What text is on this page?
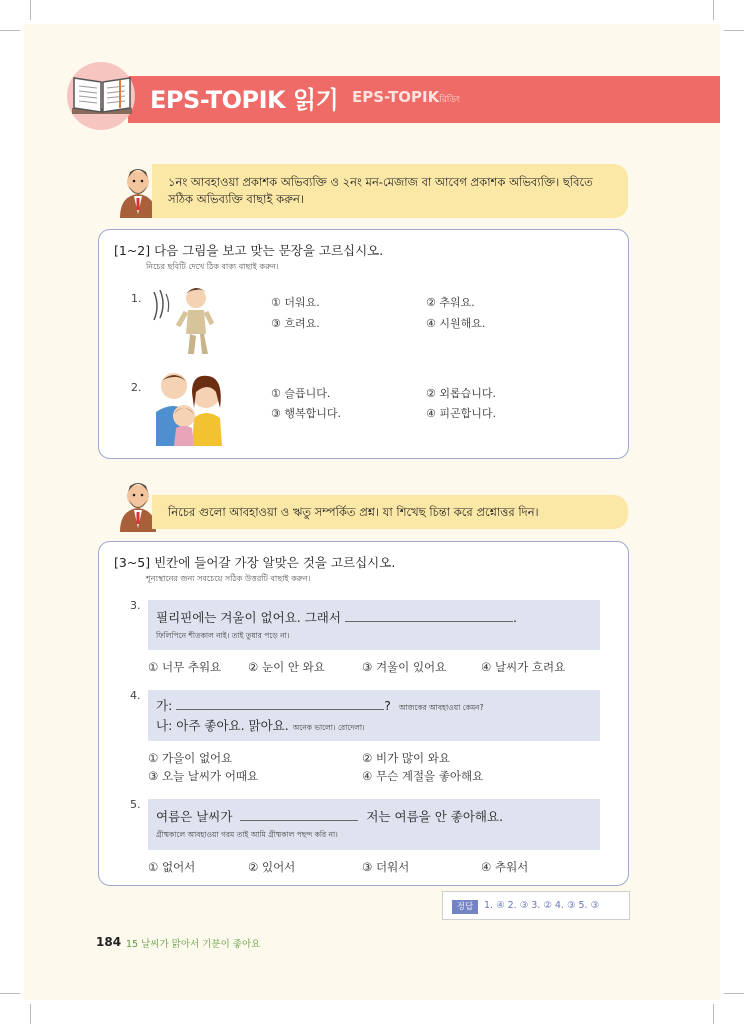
EPS-TOPIK 읽기 EPS-TOPIKরিডিং
১নং আবহাওয়া প্রকাশক অভিব্যক্তি ও ২নং মন-মেজাজ বা আবেগ প্রকাশক অভিব্যক্তি। ছবিতে সঠিক অভিব্যক্তি বাছাই করুন।
[1~2] 다음 그림을 보고 맞는 문장을 고르십시오.
নিচের ছবিটি দেখে ঠিক বাক্য বাছাই করুন।
1.	① 더워요.	② 추워요.
③ 흐려요.	④ 시원해요.
2.	① 슬픕니다.	② 외롭습니다.
③ 행복합니다.	④ 피곤합니다.
নিচের গুলো আবহাওয়া ও ঋতু সম্পর্কিত প্রশ্ন। যা শিখেছ চিন্তা করে প্রশ্নোত্তর দিন।
[3~5] 빈칸에 들어갈 가장 알맞은 것을 고르십시오.
শূন্যস্থানের জন্য সবচেয়ে সঠিক উত্তরটি বাছাই করুন।
3.
필리핀에는 겨울이 없어요. 그래서	.
ফিলিপিনে শীতকাল নাই। তাই তুষার পড়ে না।
① 너무 추워요 ② 눈이 안 와요	③ 겨울이 있어요	④ 날씨가 흐려요
4.
가:	? আজকের আবহাওয়া কেমন?
나: 아주 좋아요. 맑아요. অনেক ভালো। রোদেলা।
① 가을이 없어요	② 비가 많이 와요
③ 오늘 날씨가 어때요	④ 무슨 계절을 좋아해요
5.
여름은 날씨가	저는 여름을 안 좋아해요.
গ্রীষ্মকালে আবহাওয়া গরম তাই আমি গ্রীষ্মকাল পছন্দ করি না।
① 없어서	② 있어서	③ 더워서	④ 추워서
정답	1. ④ 2. ③ 3. ② 4. ③ 5. ③
184 15 날씨가 맑아서 기분이 좋아요
